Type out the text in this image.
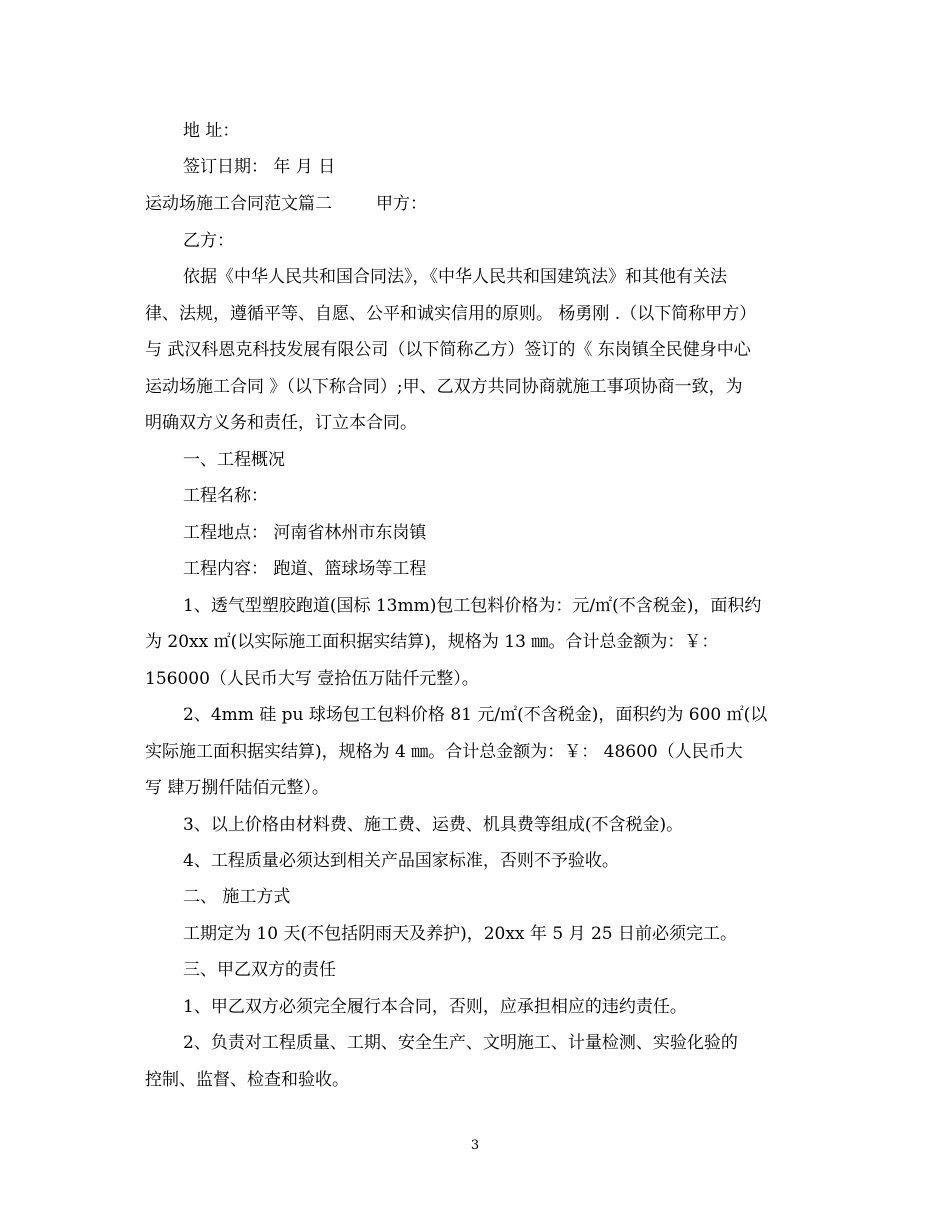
地 址：
签订日期： 年 月 日
运动场施工合同范文篇二	甲方：
乙方：
依据《中华人民共和国合同法》，《中华人民共和国建筑法》和其他有关法
律、法规，遵循平等、自愿、公平和诚实信用的原则。 杨勇刚 .（以下简称甲方）
与 武汉科恩克科技发展有限公司（以下简称乙方）签订的《 东岗镇全民健身中心
运动场施工合同 》（以下称合同）;甲、乙双方共同协商就施工事项协商一致，为
明确双方义务和责任，订立本合同。
一、工程概况
工程名称：
工程地点： 河南省林州市东岗镇
工程内容： 跑道、篮球场等工程
1、透气型塑胶跑道(国标 13mm)包工包料价格为：元/㎡(不含税金)，面积约
为 20xx ㎡(以实际施工面积据实结算)，规格为 13 ㎜。合计总金额为：￥：
156000（人民币大写 壹拾伍万陆仟元整）。
2、4mm 硅 pu 球场包工包料价格 81 元/㎡(不含税金)，面积约为 600 ㎡(以
实际施工面积据实结算)，规格为 4 ㎜。合计总金额为：￥： 48600（人民币大
写 肆万捌仟陆佰元整）。
3、以上价格由材料费、施工费、运费、机具费等组成(不含税金)。
4、工程质量必须达到相关产品国家标准，否则不予验收。
二、 施工方式
工期定为 10 天(不包括阴雨天及养护)，20xx 年 5 月 25 日前必须完工。
三、甲乙双方的责任
1、甲乙双方必须完全履行本合同，否则，应承担相应的违约责任。
2、负责对工程质量、工期、安全生产、文明施工、计量检测、实验化验的
控制、监督、检查和验收。
3
